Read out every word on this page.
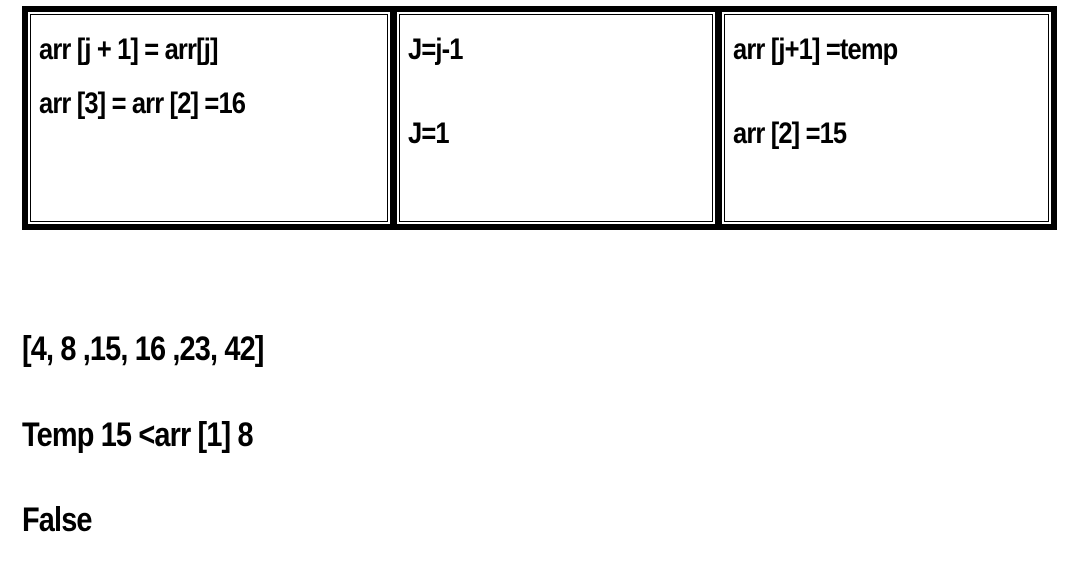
arr [j + 1] = arr[j]
arr [3] = arr [2] =16
J=j-1
J=1
arr [j+1] =temp
arr [2] =15
[4, 8 ,15, 16 ,23, 42]
Temp 15 <arr [1] 8
False
